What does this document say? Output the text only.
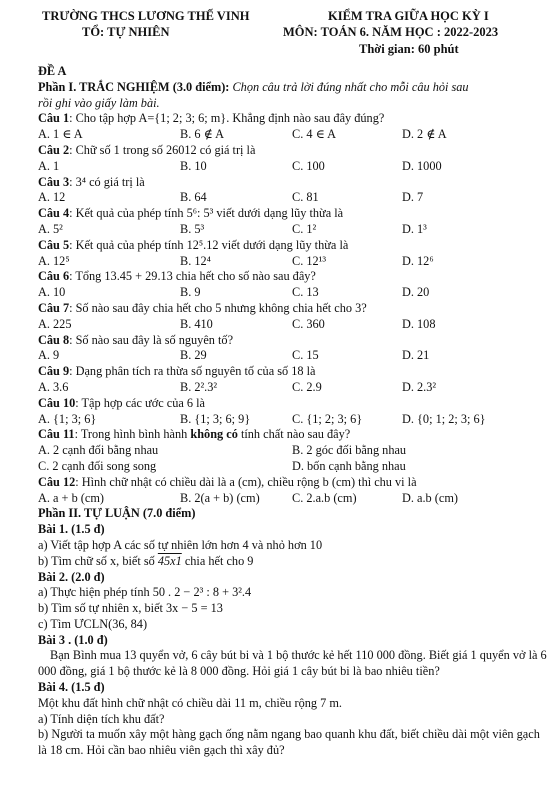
TRƯỜNG THCS LƯƠNG THẾ VINH
TỔ: TỰ NHIÊN
KIỂM TRA GIỮA HỌC KỲ I
MÔN: TOÁN 6. NĂM HỌC : 2022-2023
Thời gian: 60 phút
ĐỀ A
Phần I. TRẮC NGHIỆM (3.0 điểm): Chọn câu trả lời đúng nhất cho mỗi câu hỏi sau
rồi ghi vào giấy làm bài.
Câu 1: Cho tập hợp A={1; 2; 3; 6; m}. Khẳng định nào sau đây đúng?
A. 1 ∈ A	B. 6 ∉ A	C. 4 ∈ A	D. 2 ∉ A
Câu 2: Chữ số 1 trong số 26012 có giá trị là
A. 1	B. 10	C. 100	D. 1000
Câu 3: 3⁴ có giá trị là
A. 12	B. 64	C. 81	D. 7
Câu 4: Kết quả của phép tính 5⁶: 5³ viết dưới dạng lũy thừa là
A. 5²	B. 5³	C. 1²	D. 1³
Câu 5: Kết quả của phép tính 12⁵.12 viết dưới dạng lũy thừa là
A. 12⁵	B. 12⁴	C. 12¹³	D. 12⁶
Câu 6: Tổng 13.45 + 29.13 chia hết cho số nào sau đây?
A. 10	B. 9	C. 13	D. 20
Câu 7: Số nào sau đây chia hết cho 5 nhưng không chia hết cho 3?
A. 225	B. 410	C. 360	D. 108
Câu 8: Số nào sau đây là số nguyên tố?
A. 9	B. 29	C. 15	D. 21
Câu 9: Dạng phân tích ra thừa số nguyên tố của số 18 là
A. 3.6	B. 2².3²	C. 2.9	D. 2.3²
Câu 10: Tập hợp các ước của 6 là
A. {1; 3; 6}	B. {1; 3; 6; 9}	C. {1; 2; 3; 6}	D. {0; 1; 2; 3; 6}
Câu 11: Trong hình bình hành không có tính chất nào sau đây?
A. 2 cạnh đối bằng nhau	B. 2 góc đối bằng nhau
C. 2 cạnh đối song song	D. bốn cạnh bằng nhau
Câu 12: Hình chữ nhật có chiều dài là a (cm), chiều rộng b (cm) thì chu vi là
A. a + b (cm)	B. 2(a + b) (cm)	C. 2.a.b (cm)	D. a.b (cm)
Phần II. TỰ LUẬN (7.0 điểm)
Bài 1. (1.5 đ)
a) Viết tập hợp A các số tự nhiên lớn hơn 4 và nhỏ hơn 10
b) Tìm chữ số x, biết số 45x1 chia hết cho 9
Bài 2. (2.0 đ)
a) Thực hiện phép tính 50 . 2 − 2³ : 8 + 3².4
b) Tìm số tự nhiên x, biết 3x − 5 = 13
c) Tìm ƯCLN(36, 84)
Bài 3 . (1.0 đ)
Bạn Bình mua 13 quyển vở, 6 cây bút bi và 1 bộ thước kẻ hết 110 000 đồng. Biết giá 1 quyển vở là 6 000 đồng, giá 1 bộ thước kẻ là 8 000 đồng. Hỏi giá 1 cây bút bi là bao nhiêu tiền?
Bài 4. (1.5 đ)
Một khu đất hình chữ nhật có chiều dài 11 m, chiều rộng 7 m.
a) Tính diện tích khu đất?
b) Người ta muốn xây một hàng gạch ống nằm ngang bao quanh khu đất, biết chiều dài một viên gạch là 18 cm. Hỏi cần bao nhiêu viên gạch thì xây đủ?
